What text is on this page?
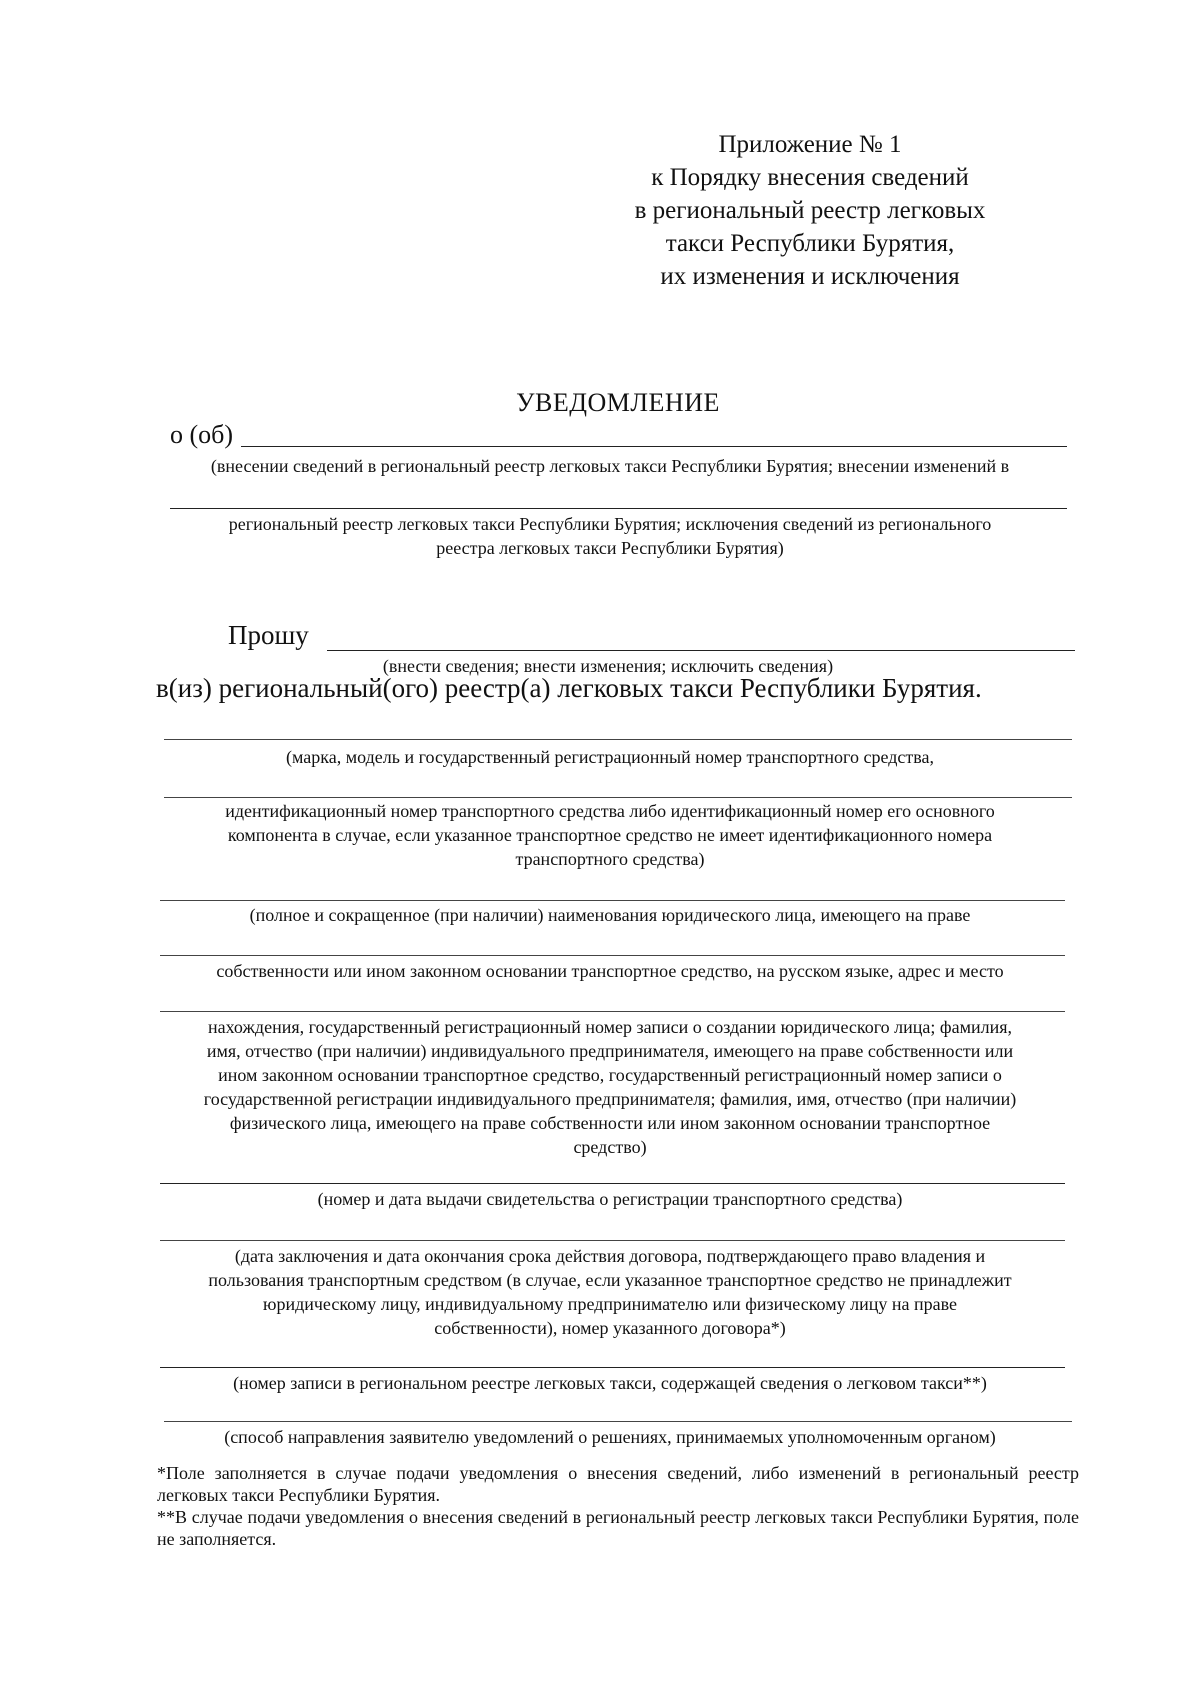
Приложение № 1
к Порядку внесения сведений
в региональный реестр легковых
такси Республики Бурятия,
их изменения и исключения
УВЕДОМЛЕНИЕ
о (об)
(внесении сведений в региональный реестр легковых такси Республики Бурятия; внесении изменений в
региональный реестр легковых такси Республики Бурятия; исключения сведений из регионального
реестра легковых такси Республики Бурятия)
Прошу
(внести сведения; внести изменения; исключить сведения)
в(из) региональный(ого) реестр(а) легковых такси Республики Бурятия.
(марка, модель и государственный регистрационный номер транспортного средства,
идентификационный номер транспортного средства либо идентификационный номер его основного
компонента в случае, если указанное транспортное средство не имеет идентификационного номера
транспортного средства)
(полное и сокращенное (при наличии) наименования юридического лица, имеющего на праве
собственности или ином законном основании транспортное средство, на русском языке, адрес и место
нахождения, государственный регистрационный номер записи о создании юридического лица; фамилия,
имя, отчество (при наличии) индивидуального предпринимателя, имеющего на праве собственности или
ином законном основании транспортное средство, государственный регистрационный номер записи о
государственной регистрации индивидуального предпринимателя; фамилия, имя, отчество (при наличии)
физического лица, имеющего на праве собственности или ином законном основании транспортное
средство)
(номер и дата выдачи свидетельства о регистрации транспортного средства)
(дата заключения и дата окончания срока действия договора, подтверждающего право владения и
пользования транспортным средством (в случае, если указанное транспортное средство не принадлежит
юридическому лицу, индивидуальному предпринимателю или физическому лицу на праве
собственности), номер указанного договора*)
(номер записи в региональном реестре легковых такси, содержащей сведения о легковом такси**)
(способ направления заявителю уведомлений о решениях, принимаемых уполномоченным органом)

*Поле заполняется в случае подачи уведомления о внесения сведений, либо изменений в региональный реестр легковых такси Республики Бурятия.

**В случае подачи уведомления о внесения сведений в региональный реестр легковых такси Республики Бурятия, поле не заполняется.
